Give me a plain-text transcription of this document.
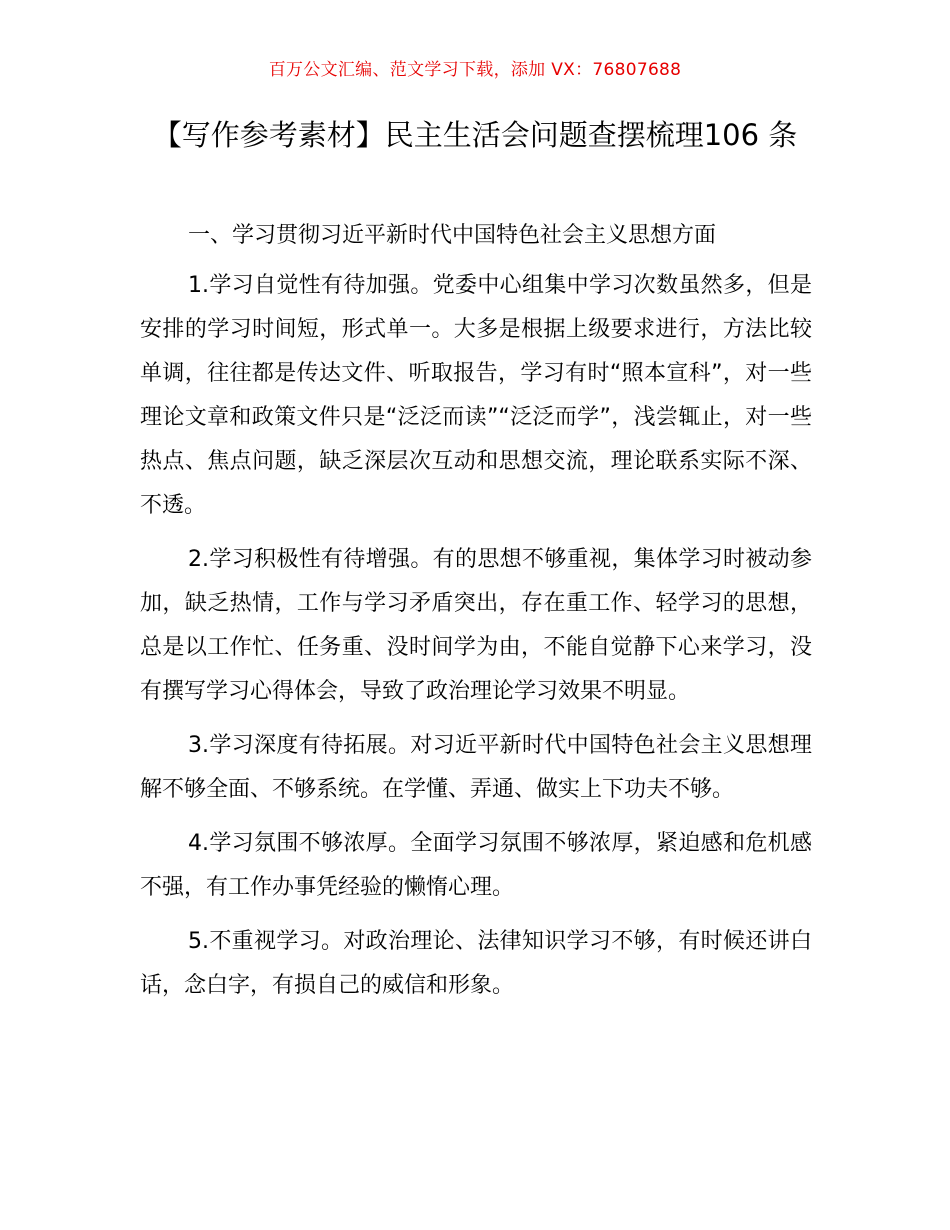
百万公文汇编、范文学习下载，添加 VX：76807688
【写作参考素材】民主生活会问题查摆梳理106 条
一、学习贯彻习近平新时代中国特色社会主义思想方面

1.学习自觉性有待加强。党委中心组集中学习次数虽然多，但是安排的学习时间短，形式单一。大多是根据上级要求进行，方法比较单调，往往都是传达文件、听取报告，学习有时“照本宣科”，对一些理论文章和政策文件只是“泛泛而读”“泛泛而学”，浅尝辄止，对一些热点、焦点问题，缺乏深层次互动和思想交流，理论联系实际不深、不透。

2.学习积极性有待增强。有的思想不够重视，集体学习时被动参加，缺乏热情，工作与学习矛盾突出，存在重工作、轻学习的思想，总是以工作忙、任务重、没时间学为由，不能自觉静下心来学习，没有撰写学习心得体会，导致了政治理论学习效果不明显。

3.学习深度有待拓展。对习近平新时代中国特色社会主义思想理解不够全面、不够系统。在学懂、弄通、做实上下功夫不够。

4.学习氛围不够浓厚。全面学习氛围不够浓厚，紧迫感和危机感不强，有工作办事凭经验的懒惰心理。

5.不重视学习。对政治理论、法律知识学习不够，有时候还讲白话，念白字，有损自己的威信和形象。
